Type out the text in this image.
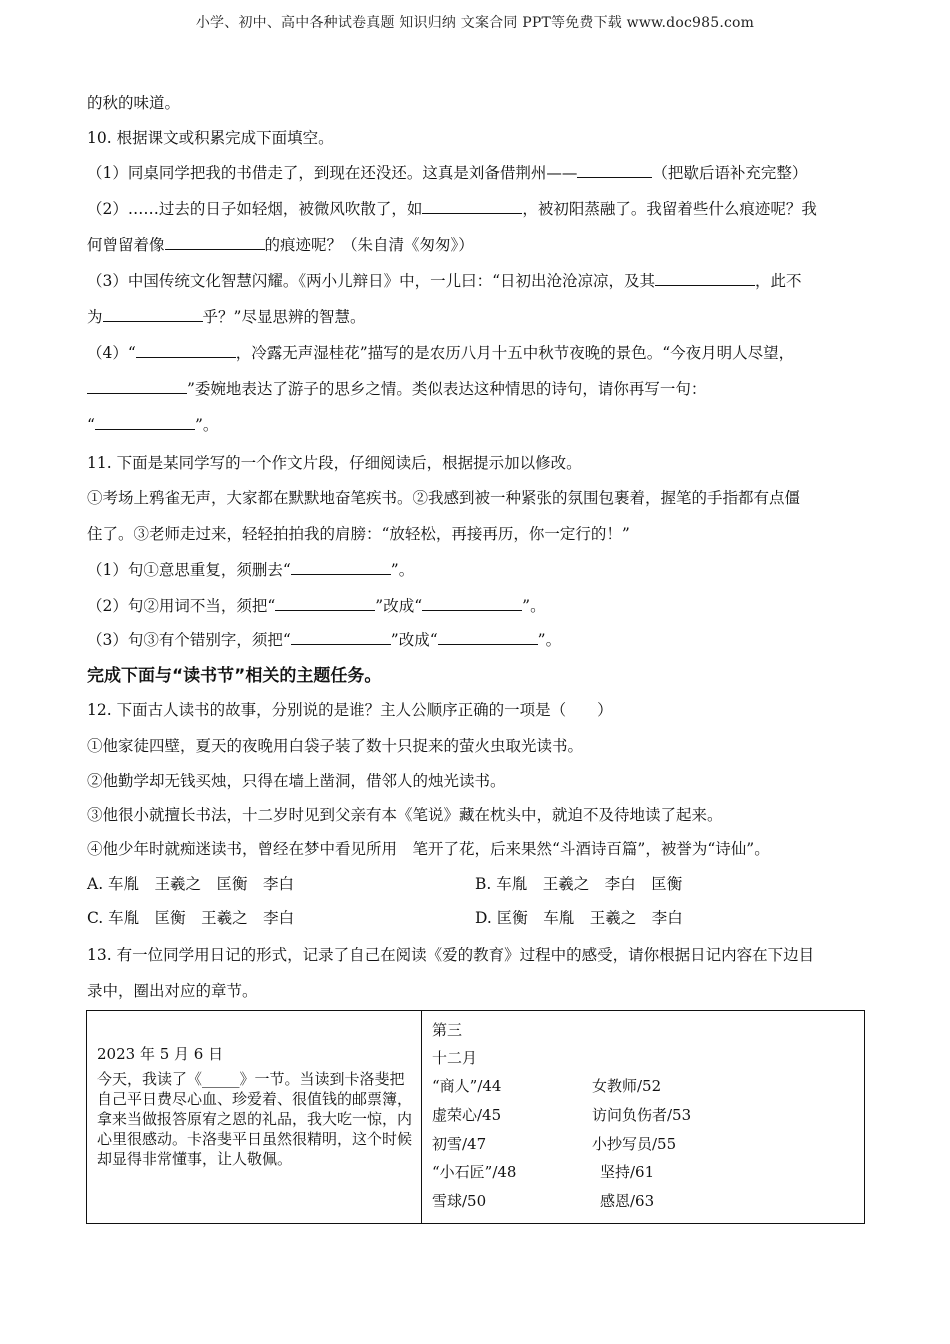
小学、初中、高中各种试卷真题 知识归纳 文案合同 PPT等免费下载 www.doc985.com
的秋的味道。
10. 根据课文或积累完成下面填空。
（1）同桌同学把我的书借走了，到现在还没还。这真是刘备借荆州——	（把歇后语补充完整）
（2）……过去的日子如轻烟，被微风吹散了，如	，被初阳蒸融了。我留着些什么痕迹呢？我
何曾留着像	的痕迹呢？（朱自清《匆匆》）
（3）中国传统文化智慧闪耀。《两小儿辩日》中，一儿曰：“日初出沧沧凉凉，及其	，此不
为	乎？”尽显思辨的智慧。
（4）“	，冷露无声湿桂花”描写的是农历八月十五中秋节夜晚的景色。“今夜月明人尽望，
”委婉地表达了游子的思乡之情。类似表达这种情思的诗句，请你再写一句：
“	”。
11. 下面是某同学写的一个作文片段，仔细阅读后，根据提示加以修改。
①考场上鸦雀无声，大家都在默默地奋笔疾书。②我感到被一种紧张的氛围包裹着，握笔的手指都有点僵
住了。③老师走过来，轻轻拍拍我的肩膀：“放轻松，再接再历，你一定行的！”
（1）句①意思重复，须删去“	”。
（2）句②用词不当，须把“	”改成“	”。
（3）句③有个错别字，须把“	”改成“	”。
完成下面与“读书节”相关的主题任务。
12. 下面古人读书的故事，分别说的是谁？主人公顺序正确的一项是（　　）
①他家徒四壁，夏天的夜晚用白袋子装了数十只捉来的萤火虫取光读书。
②他勤学却无钱买烛，只得在墙上凿洞，借邻人的烛光读书。
③他很小就擅长书法，十二岁时见到父亲有本《笔说》藏在枕头中，就迫不及待地读了起来。
④他少年时就痴迷读书，曾经在梦中看见所用　笔开了花，后来果然“斗酒诗百篇”，被誉为“诗仙”。
A. 车胤　王羲之　匡衡　李白	B. 车胤　王羲之　李白　匡衡
C. 车胤　匡衡　王羲之　李白	D. 匡衡　车胤　王羲之　李白
13. 有一位同学用日记的形式，记录了自己在阅读《爱的教育》过程中的感受，请你根据日记内容在下边目
录中，圈出对应的章节。
2023 年 5 月 6 日
今天，我读了《_____》一节。当读到卡洛斐把自己平日费尽心血、珍爱着、很值钱的邮票簿，拿来当做报答原宥之恩的礼品，我大吃一惊，内心里很感动。卡洛斐平日虽然很精明，这个时候却显得非常懂事，让人敬佩。

第三
十二月
“商人”/44	女教师/52
虚荣心/45	访问负伤者/53
初雪/47	小抄写员/55
“小石匠”/48	坚持/61
雪球/50	感恩/63
